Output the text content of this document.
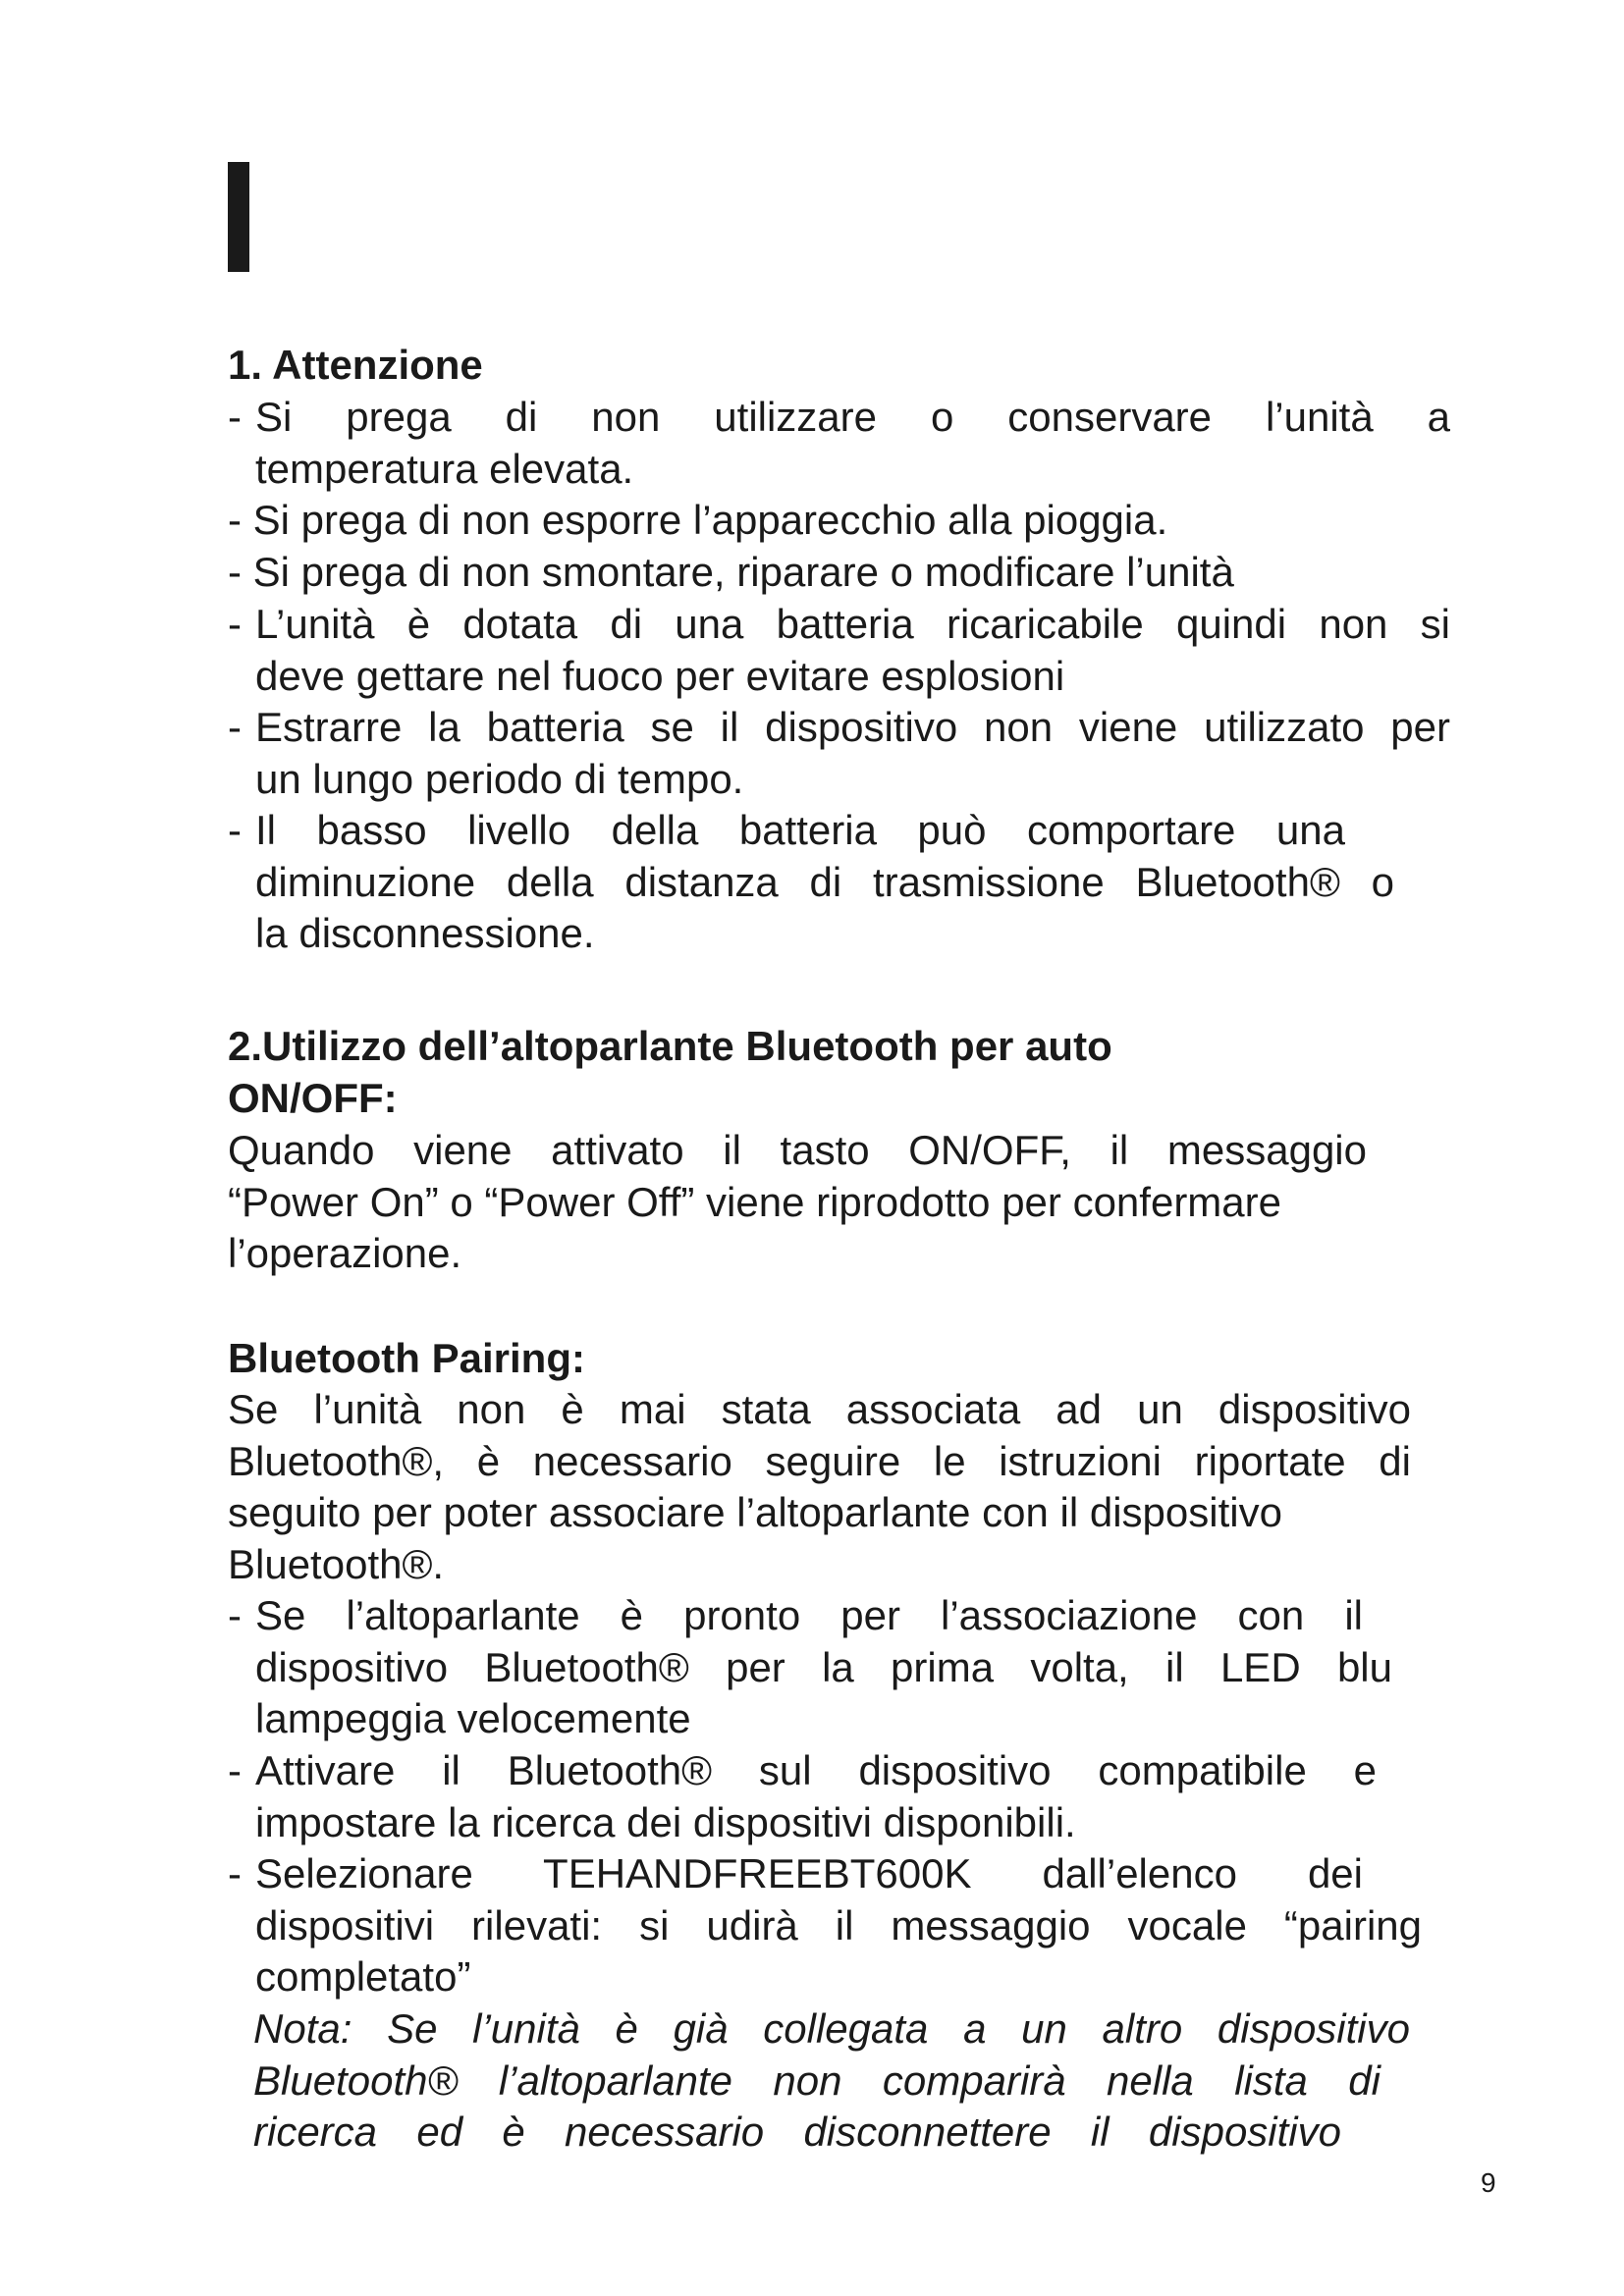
1. Attenzione
- Si prega di non utilizzare o conservare l’unità a
temperatura elevata.
- Si prega di non esporre l’apparecchio alla pioggia.
- Si prega di non smontare, riparare o modificare l’unità
- L’unità è dotata di una batteria ricaricabile quindi non si
deve gettare nel fuoco per evitare esplosioni
- Estrarre la batteria se il dispositivo non viene utilizzato per
un lungo periodo di tempo.
- Il basso livello della batteria può comportare una
diminuzione della distanza di trasmissione Bluetooth® o
la disconnessione.
2.Utilizzo dell’altoparlante Bluetooth per auto
ON/OFF:
Quando viene attivato il tasto ON/OFF, il messaggio
“Power On” o “Power Off” viene riprodotto per confermare
l’operazione.
Bluetooth Pairing:
Se l’unità non è mai stata associata ad un dispositivo
Bluetooth®, è necessario seguire le istruzioni riportate di
seguito per poter associare l’altoparlante con il dispositivo
Bluetooth®.
- Se l’altoparlante è pronto per l’associazione con il
dispositivo Bluetooth® per la prima volta, il LED blu
lampeggia velocemente
- Attivare il Bluetooth® sul dispositivo compatibile e
impostare la ricerca dei dispositivi disponibili.
- Selezionare TEHANDFREEBT600K dall’elenco dei
dispositivi rilevati: si udirà il messaggio vocale “pairing
completato”
Nota: Se l’unità è già collegata a un altro dispositivo
Bluetooth® l’altoparlante non comparirà nella lista di
ricerca ed è necessario disconnettere il dispositivo
9
